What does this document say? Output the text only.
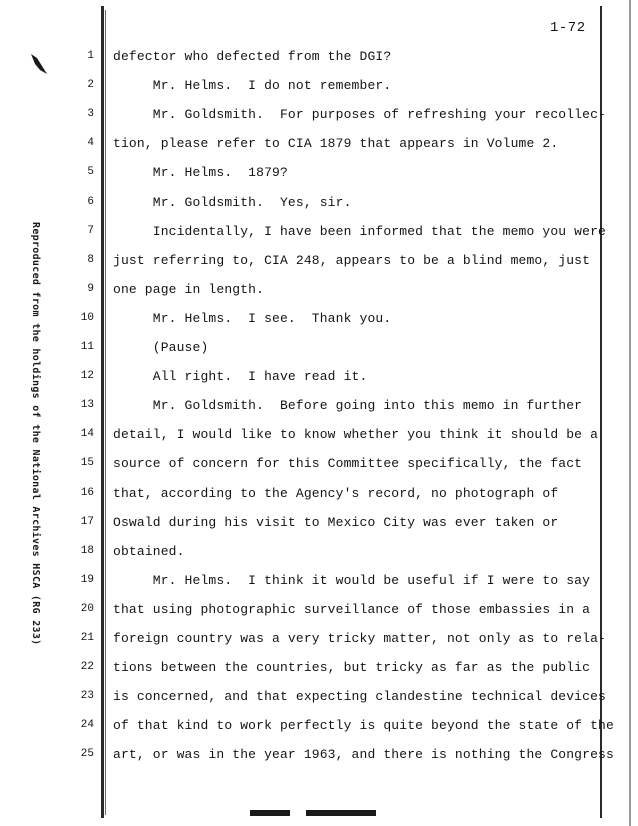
1-72
Reproduced from the holdings of the National Archives HSCA (RG 233)
1 defector who defected from the DGI?
2 Mr. Helms.  I do not remember.
3 Mr. Goldsmith.  For purposes of refreshing your recollec-
4 tion, please refer to CIA 1879 that appears in Volume 2.
5 Mr. Helms.  1879?
6 Mr. Goldsmith.  Yes, sir.
7 Incidentally, I have been informed that the memo you were
8 just referring to, CIA 248, appears to be a blind memo, just
9 one page in length.
10 Mr. Helms.  I see.  Thank you.
11 (Pause)
12 All right.  I have read it.
13 Mr. Goldsmith.  Before going into this memo in further
14 detail, I would like to know whether you think it should be a
15 source of concern for this Committee specifically, the fact
16 that, according to the Agency's record, no photograph of
17 Oswald during his visit to Mexico City was ever taken or
18 obtained.
19 Mr. Helms.  I think it would be useful if I were to say
20 that using photographic surveillance of those embassies in a
21 foreign country was a very tricky matter, not only as to rela-
22 tions between the countries, but tricky as far as the public
23 is concerned, and that expecting clandestine technical devices
24 of that kind to work perfectly is quite beyond the state of the
25 art, or was in the year 1963, and there is nothing the Congress
